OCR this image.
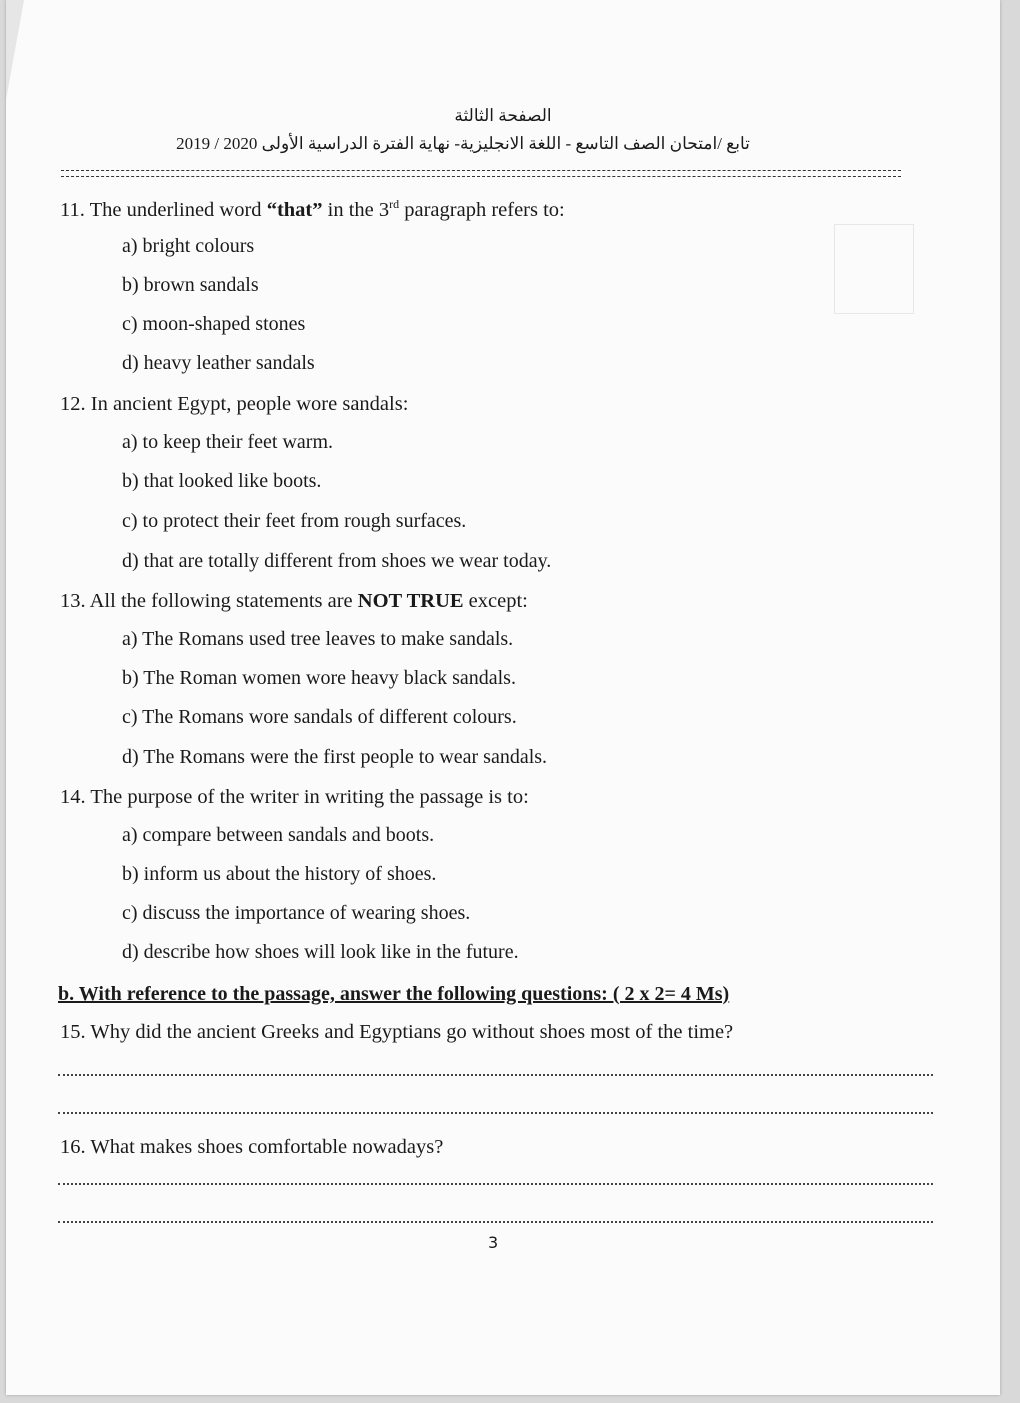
الصفحة الثالثة
تابع /امتحان الصف التاسع - اللغة الانجليزية- نهاية الفترة الدراسية الأولى 2020 / 2019
11. The underlined word “that” in the 3rd paragraph refers to:
a) bright colours
b) brown sandals
c) moon-shaped stones
d) heavy leather sandals
12. In ancient Egypt, people wore sandals:
a) to keep their feet warm.
b) that looked like boots.
c) to protect their feet from rough surfaces.
d) that are totally different from shoes we wear today.
13. All the following statements are NOT TRUE except:
a) The Romans used tree leaves to make sandals.
b) The Roman women wore heavy black sandals.
c) The Romans wore sandals of different colours.
d) The Romans were the first people to wear sandals.
14. The purpose of the writer in writing the passage is to:
a) compare between sandals and boots.
b) inform us about the history of shoes.
c) discuss the importance of wearing shoes.
d) describe how shoes will look like in the future.
b. With reference to the passage, answer the following questions: ( 2 x 2= 4 Ms)
15. Why did the ancient Greeks and Egyptians go without shoes most of the time?
16. What makes shoes comfortable nowadays?
3
